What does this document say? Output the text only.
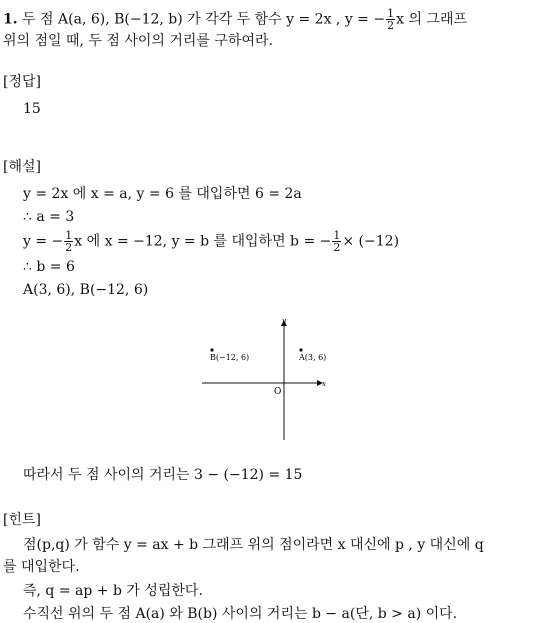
1. 두 점 A(a, 6), B(−12, b) 가 각각 두 함수 y = 2x , y = − $\frac{1}{2}$ x 의 그래프
위의 점일 때, 두 점 사이의 거리를 구하여라.
[정답]
15
[해설]
y = 2x 에 x = a, y = 6 를 대입하면 6 = 2a
∴ a = 3
y = − $\frac{1}{2}$ x 에 x = −12, y = b 를 대입하면 b = − $\frac{1}{2} \times (-12)$
∴ b = 6
A(3, 6), B(−12, 6)
y
x
O
B(−12, 6)	A(3, 6)
따라서 두 점 사이의 거리는 3 − (−12) = 15
[힌트]
점(p,q) 가 함수 y = ax + b 그래프 위의 점이라면 x 대신에 p , y 대신에 q
를 대입한다.
즉, q = ap + b 가 성립한다.
수직선 위의 두 점 A(a) 와 B(b) 사이의 거리는 b − a(단, b > a) 이다.
